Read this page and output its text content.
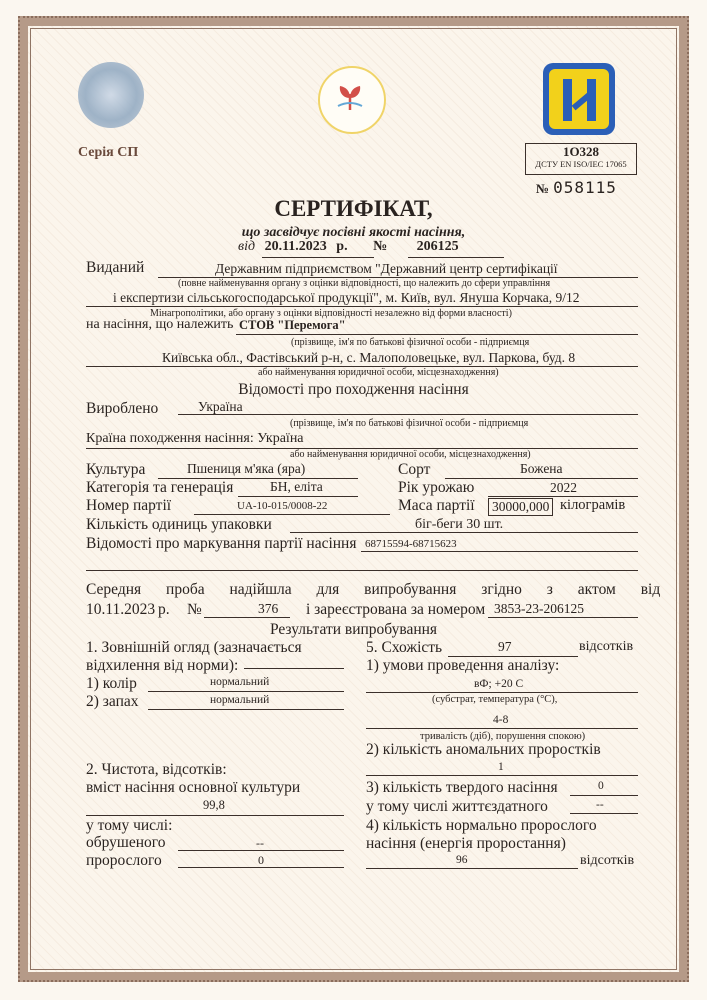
Серія СП	1O328
ДСТУ EN ISO/IEC 17065
№ 058115
СЕРТИФІКАТ,
що засвідчує посівні якості насіння,
від 20.11.2023 р. № 206125
Виданий	Державним підприємством "Державний центр сертифікації
(повне найменування органу з оцінки відповідності, що належить до сфери управління
і експертизи сільськогосподарської продукції", м. Київ, вул. Януша Корчака, 9/12
Мінагрополітики, або органу з оцінки відповідності незалежно від форми власності)
на насіння, що належить СТОВ "Перемога"
(прізвище, ім'я по батькові фізичної особи - підприємця
Київська обл., Фастівський р-н, с. Малополовецьке, вул. Паркова, буд. 8
або найменування юридичної особи, місцезнаходження)
Відомості про походження насіння
Вироблено	Україна
(прізвище, ім'я по батькові фізичної особи - підприємця
Країна походження насіння: Україна
або найменування юридичної особи, місцезнаходження)
Культура	Пшениця м'яка (яра)	Сорт	Божена
Категорія та генерація	БН, еліта	Рік урожаю	2022
Номер партії	UA-10-015/0008-22	Маса партії 30000,000 кілограмів
Кількість одиниць упаковки	біг-беги 30 шт.
Відомості про маркування партії насіння 68715594-68715623
Середня проба надійшла для випробування згідно з актом від
10.11.2023 р. №	376 і зареєстрована за номером 3853-23-206125
Результати випробування
1. Зовнішній огляд (зазначається
відхилення від норми):
1) колір	нормальний
2) запах	нормальний
2. Чистота, відсотків:
вміст насіння основної культури
99,8
у тому числі:
обрушеного	--
пророслого	0
5. Схожість	97	відсотків
1) умови проведення аналізу:
вФ; +20 С
(субстрат, температура (°С),
4-8
тривалість (діб), порушення спокою)
2) кількість аномальних проростків
1
3) кількість твердого насіння	0
у тому числі життєздатного	--
4) кількість нормально пророслого
насіння (енергія проростання)
96	відсотків
